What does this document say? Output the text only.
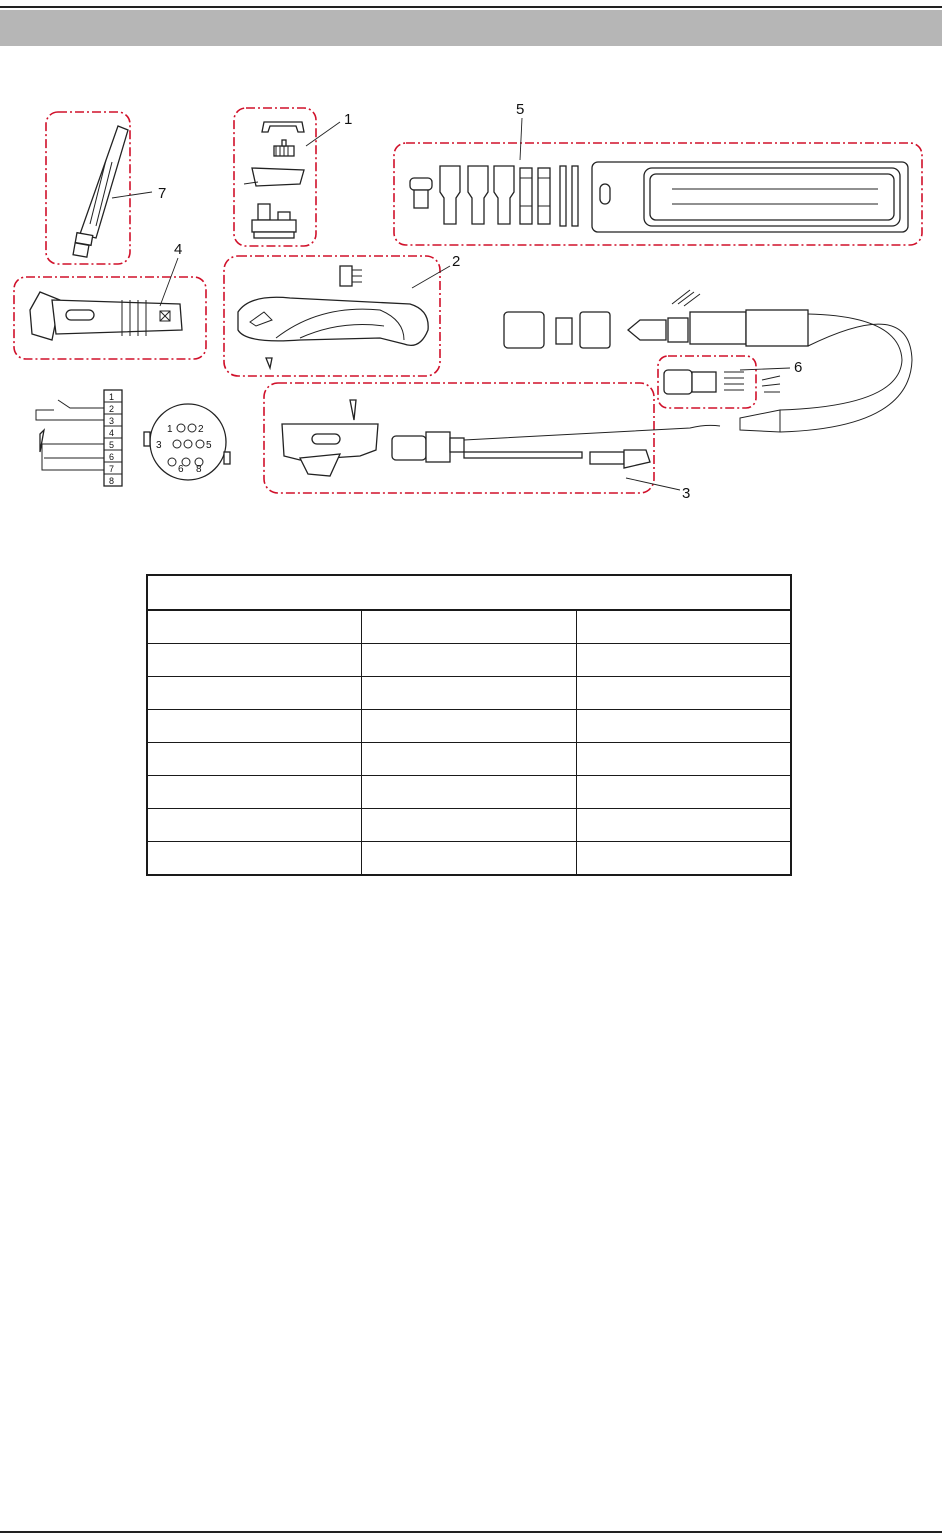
7
1
5
4
2
6
3
1
2
3
4
5
6
7
8
1	2
3	5
6 8
